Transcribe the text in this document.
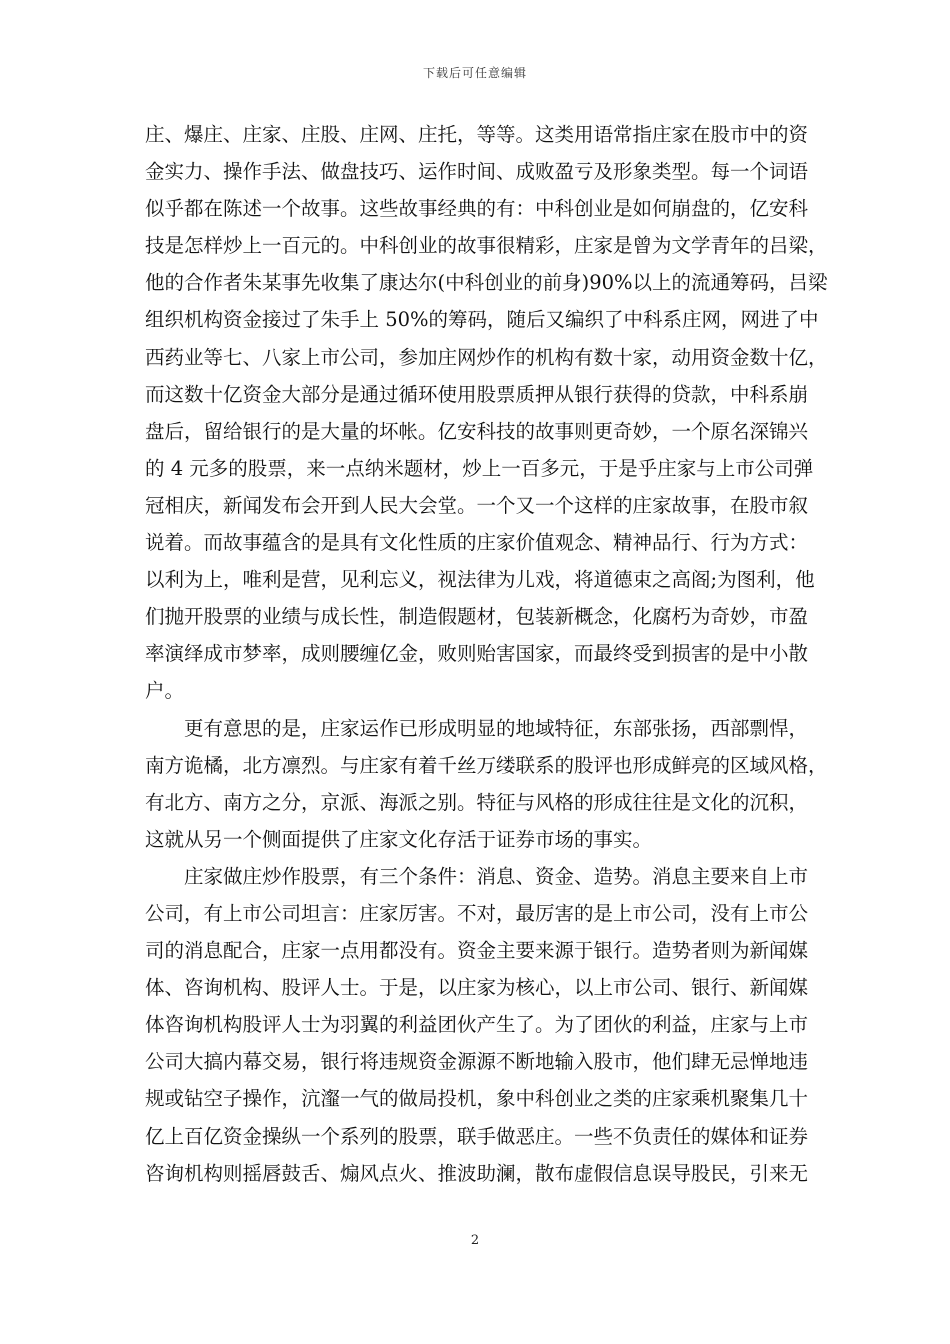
下载后可任意编辑
庄、爆庄、庄家、庄股、庄网、庄托，等等。这类用语常指庄家在股市中的资
金实力、操作手法、做盘技巧、运作时间、成败盈亏及形象类型。每一个词语
似乎都在陈述一个故事。这些故事经典的有：中科创业是如何崩盘的，亿安科
技是怎样炒上一百元的。中科创业的故事很精彩，庄家是曾为文学青年的吕梁，
他的合作者朱某事先收集了康达尔(中科创业的前身)90%以上的流通筹码，吕梁
组织机构资金接过了朱手上 50%的筹码，随后又编织了中科系庄网，网进了中
西药业等七、八家上市公司，参加庄网炒作的机构有数十家，动用资金数十亿，
而这数十亿资金大部分是通过循环使用股票质押从银行获得的贷款，中科系崩
盘后，留给银行的是大量的坏帐。亿安科技的故事则更奇妙，一个原名深锦兴
的 4 元多的股票，来一点纳米题材，炒上一百多元，于是乎庄家与上市公司弹
冠相庆，新闻发布会开到人民大会堂。一个又一个这样的庄家故事，在股市叙
说着。而故事蕴含的是具有文化性质的庄家价值观念、精神品行、行为方式：
以利为上，唯利是营，见利忘义，视法律为儿戏，将道德束之高阁;为图利，他
们抛开股票的业绩与成长性，制造假题材，包装新概念，化腐朽为奇妙，市盈
率演绎成市梦率，成则腰缠亿金，败则贻害国家，而最终受到损害的是中小散
户。
更有意思的是，庄家运作已形成明显的地域特征，东部张扬，西部剽悍，
南方诡橘，北方凛烈。与庄家有着千丝万缕联系的股评也形成鲜亮的区域风格，
有北方、南方之分，京派、海派之别。特征与风格的形成往往是文化的沉积，
这就从另一个侧面提供了庄家文化存活于证券市场的事实。
庄家做庄炒作股票，有三个条件：消息、资金、造势。消息主要来自上市
公司，有上市公司坦言：庄家厉害。不对，最厉害的是上市公司，没有上市公
司的消息配合，庄家一点用都没有。资金主要来源于银行。造势者则为新闻媒
体、咨询机构、股评人士。于是，以庄家为核心，以上市公司、银行、新闻媒
体咨询机构股评人士为羽翼的利益团伙产生了。为了团伙的利益，庄家与上市
公司大搞内幕交易，银行将违规资金源源不断地输入股市，他们肆无忌惮地违
规或钻空子操作，沆瀣一气的做局投机，象中科创业之类的庄家乘机聚集几十
亿上百亿资金操纵一个系列的股票，联手做恶庄。一些不负责任的媒体和证券
咨询机构则摇唇鼓舌、煽风点火、推波助澜，散布虚假信息误导股民，引来无
2
